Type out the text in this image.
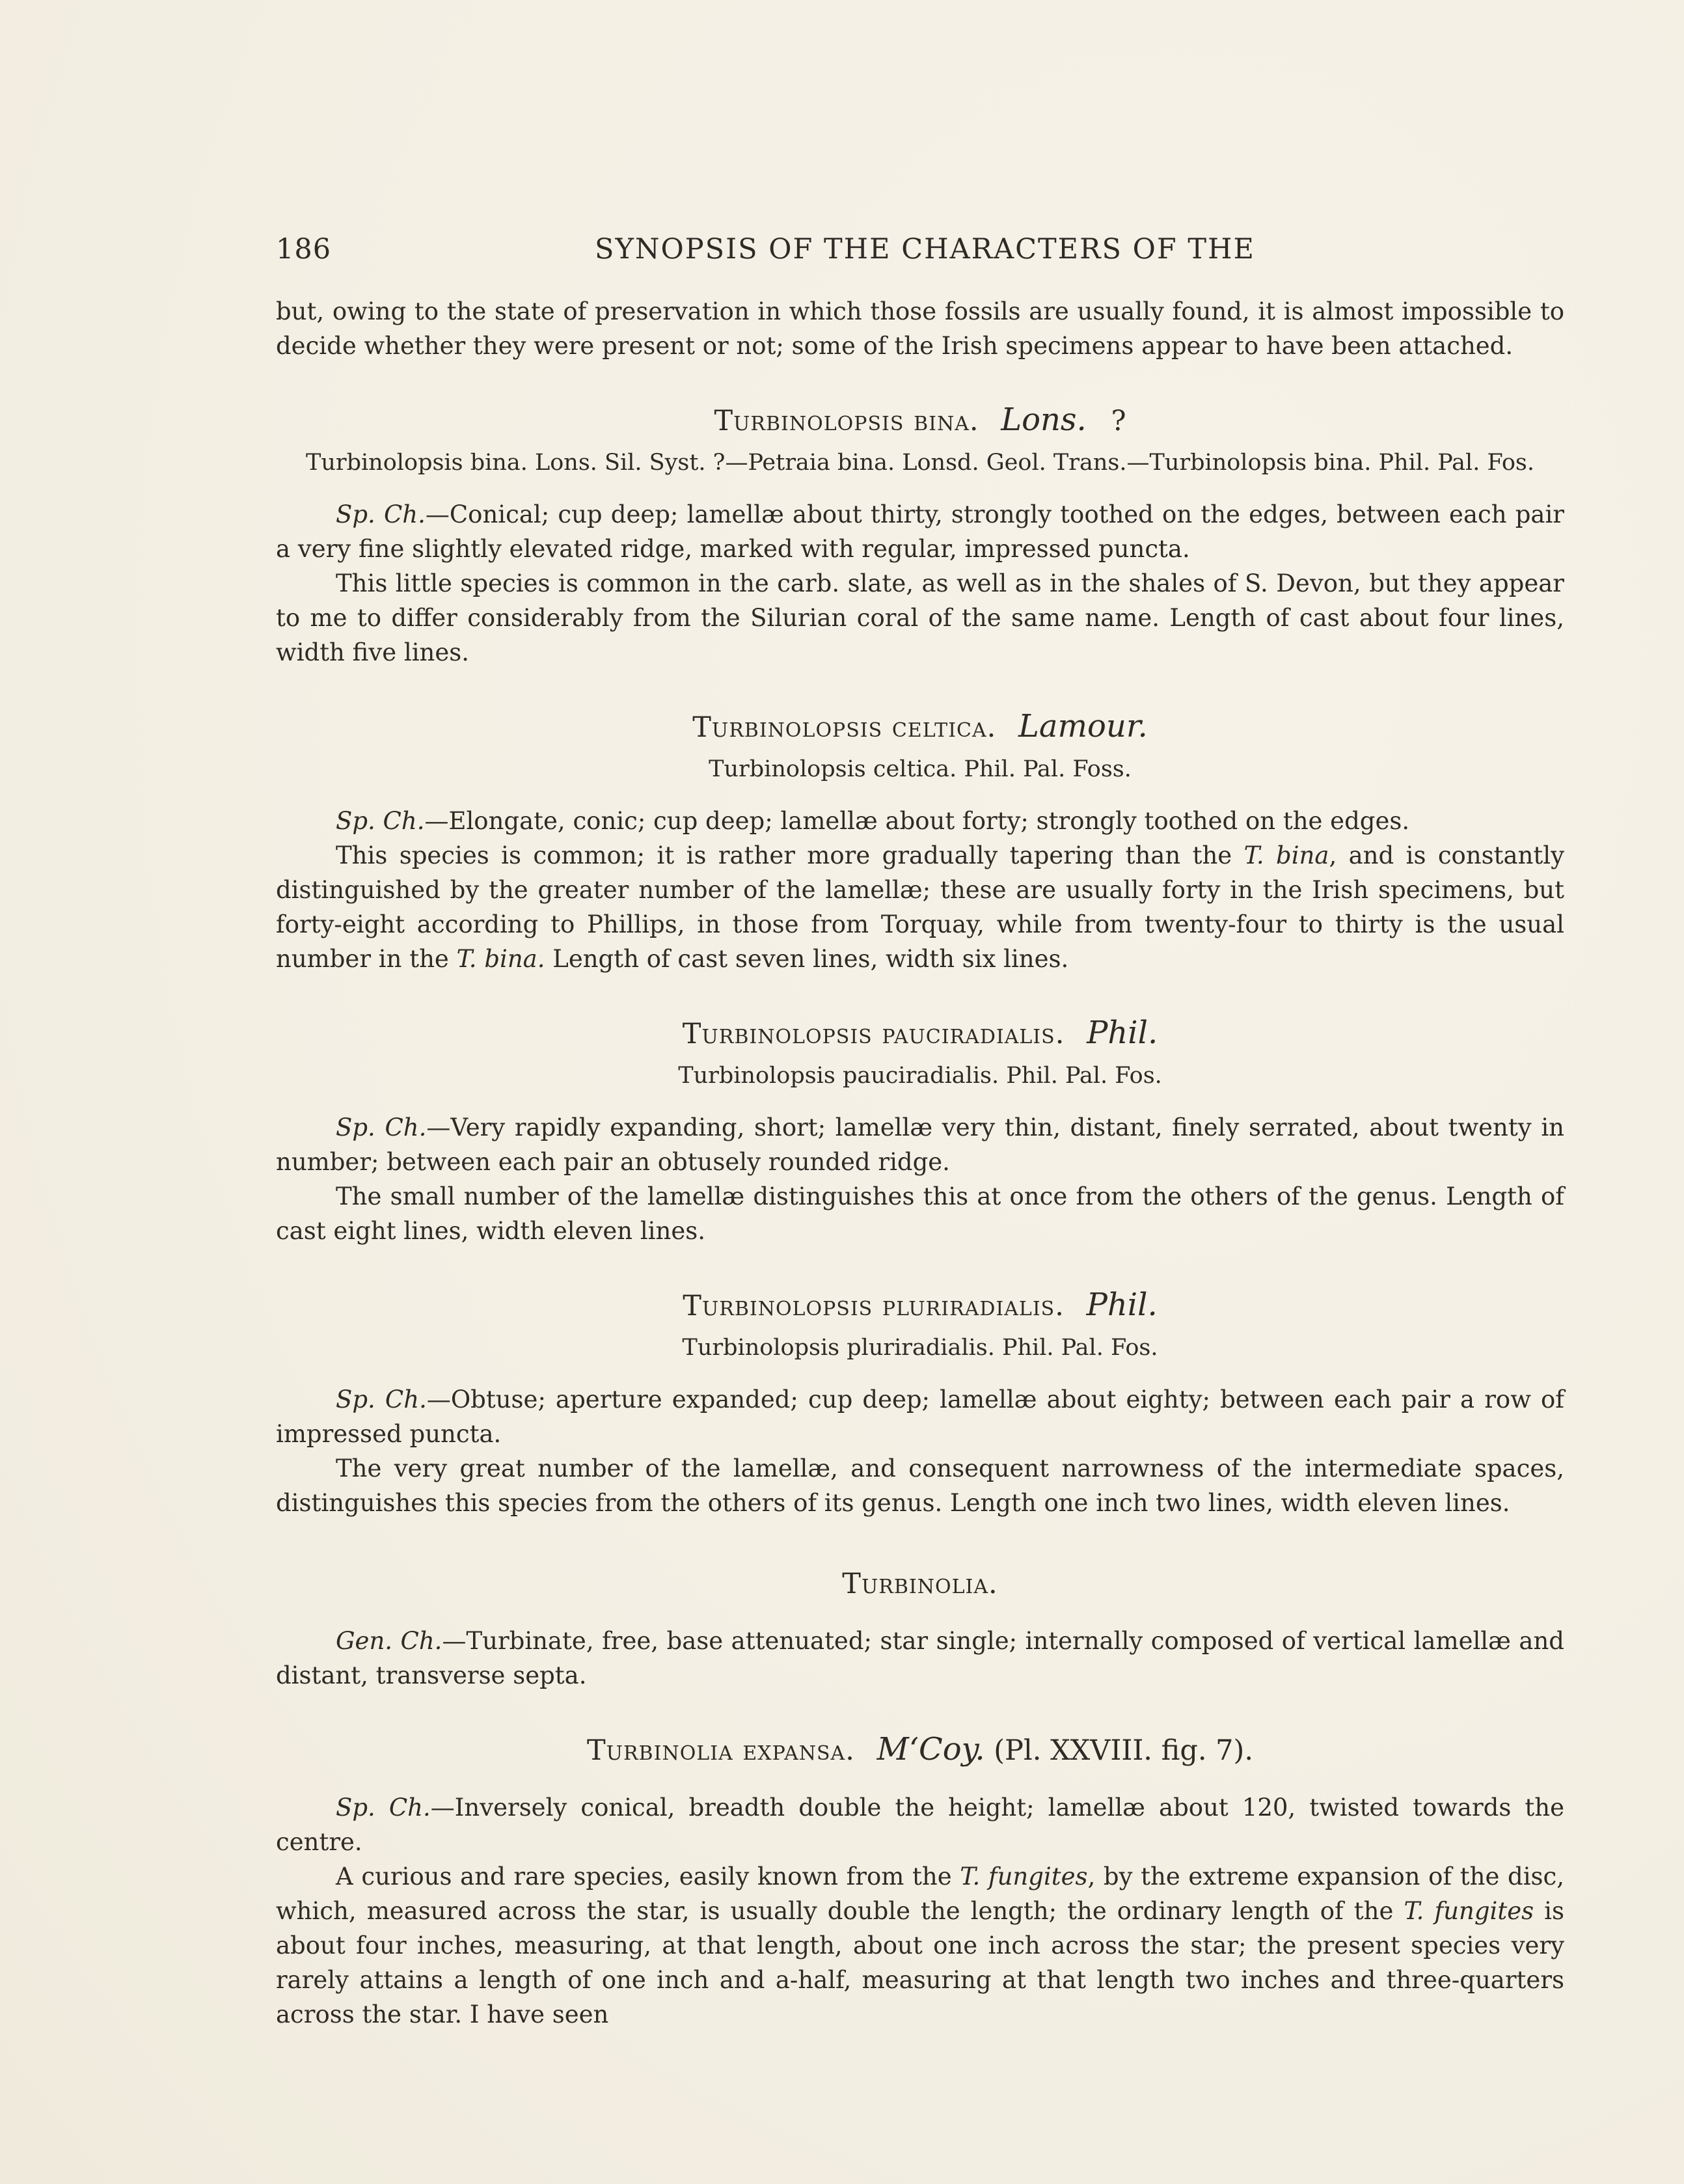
186	SYNOPSIS OF THE CHARACTERS OF THE

but, owing to the state of preservation in which those fossils are usually found, it is almost impossible to decide whether they were present or not; some of the Irish specimens appear to have been attached.

Turbinolopsis bina. Lons. ?

Turbinolopsis bina. Lons. Sil. Syst. ?—Petraia bina. Lonsd. Geol. Trans.—Turbinolopsis bina. Phil. Pal. Fos.

Sp. Ch.—Conical; cup deep; lamellæ about thirty, strongly toothed on the edges, between each pair a very fine slightly elevated ridge, marked with regular, impressed puncta.

This little species is common in the carb. slate, as well as in the shales of S. Devon, but they appear to me to differ considerably from the Silurian coral of the same name. Length of cast about four lines, width five lines.

Turbinolopsis celtica. Lamour.

Turbinolopsis celtica. Phil. Pal. Foss.

Sp. Ch.—Elongate, conic; cup deep; lamellæ about forty; strongly toothed on the edges.

This species is common; it is rather more gradually tapering than the T. bina, and is constantly distinguished by the greater number of the lamellæ; these are usually forty in the Irish specimens, but forty-eight according to Phillips, in those from Torquay, while from twenty-four to thirty is the usual number in the T. bina. Length of cast seven lines, width six lines.

Turbinolopsis pauciradialis. Phil.

Turbinolopsis pauciradialis. Phil. Pal. Fos.

Sp. Ch.—Very rapidly expanding, short; lamellæ very thin, distant, finely serrated, about twenty in number; between each pair an obtusely rounded ridge.

The small number of the lamellæ distinguishes this at once from the others of the genus. Length of cast eight lines, width eleven lines.

Turbinolopsis pluriradialis. Phil.

Turbinolopsis pluriradialis. Phil. Pal. Fos.

Sp. Ch.—Obtuse; aperture expanded; cup deep; lamellæ about eighty; between each pair a row of impressed puncta.

The very great number of the lamellæ, and consequent narrowness of the intermediate spaces, distinguishes this species from the others of its genus. Length one inch two lines, width eleven lines.

Turbinolia.

Gen. Ch.—Turbinate, free, base attenuated; star single; internally composed of vertical lamellæ and distant, transverse septa.

Turbinolia expansa. M‘Coy. (Pl. XXVIII. fig. 7).

Sp. Ch.—Inversely conical, breadth double the height; lamellæ about 120, twisted towards the centre.

A curious and rare species, easily known from the T. fungites, by the extreme expansion of the disc, which, measured across the star, is usually double the length; the ordinary length of the T. fungites is about four inches, measuring, at that length, about one inch across the star; the present species very rarely attains a length of one inch and a-half, measuring at that length two inches and three-quarters across the star. I have seen
